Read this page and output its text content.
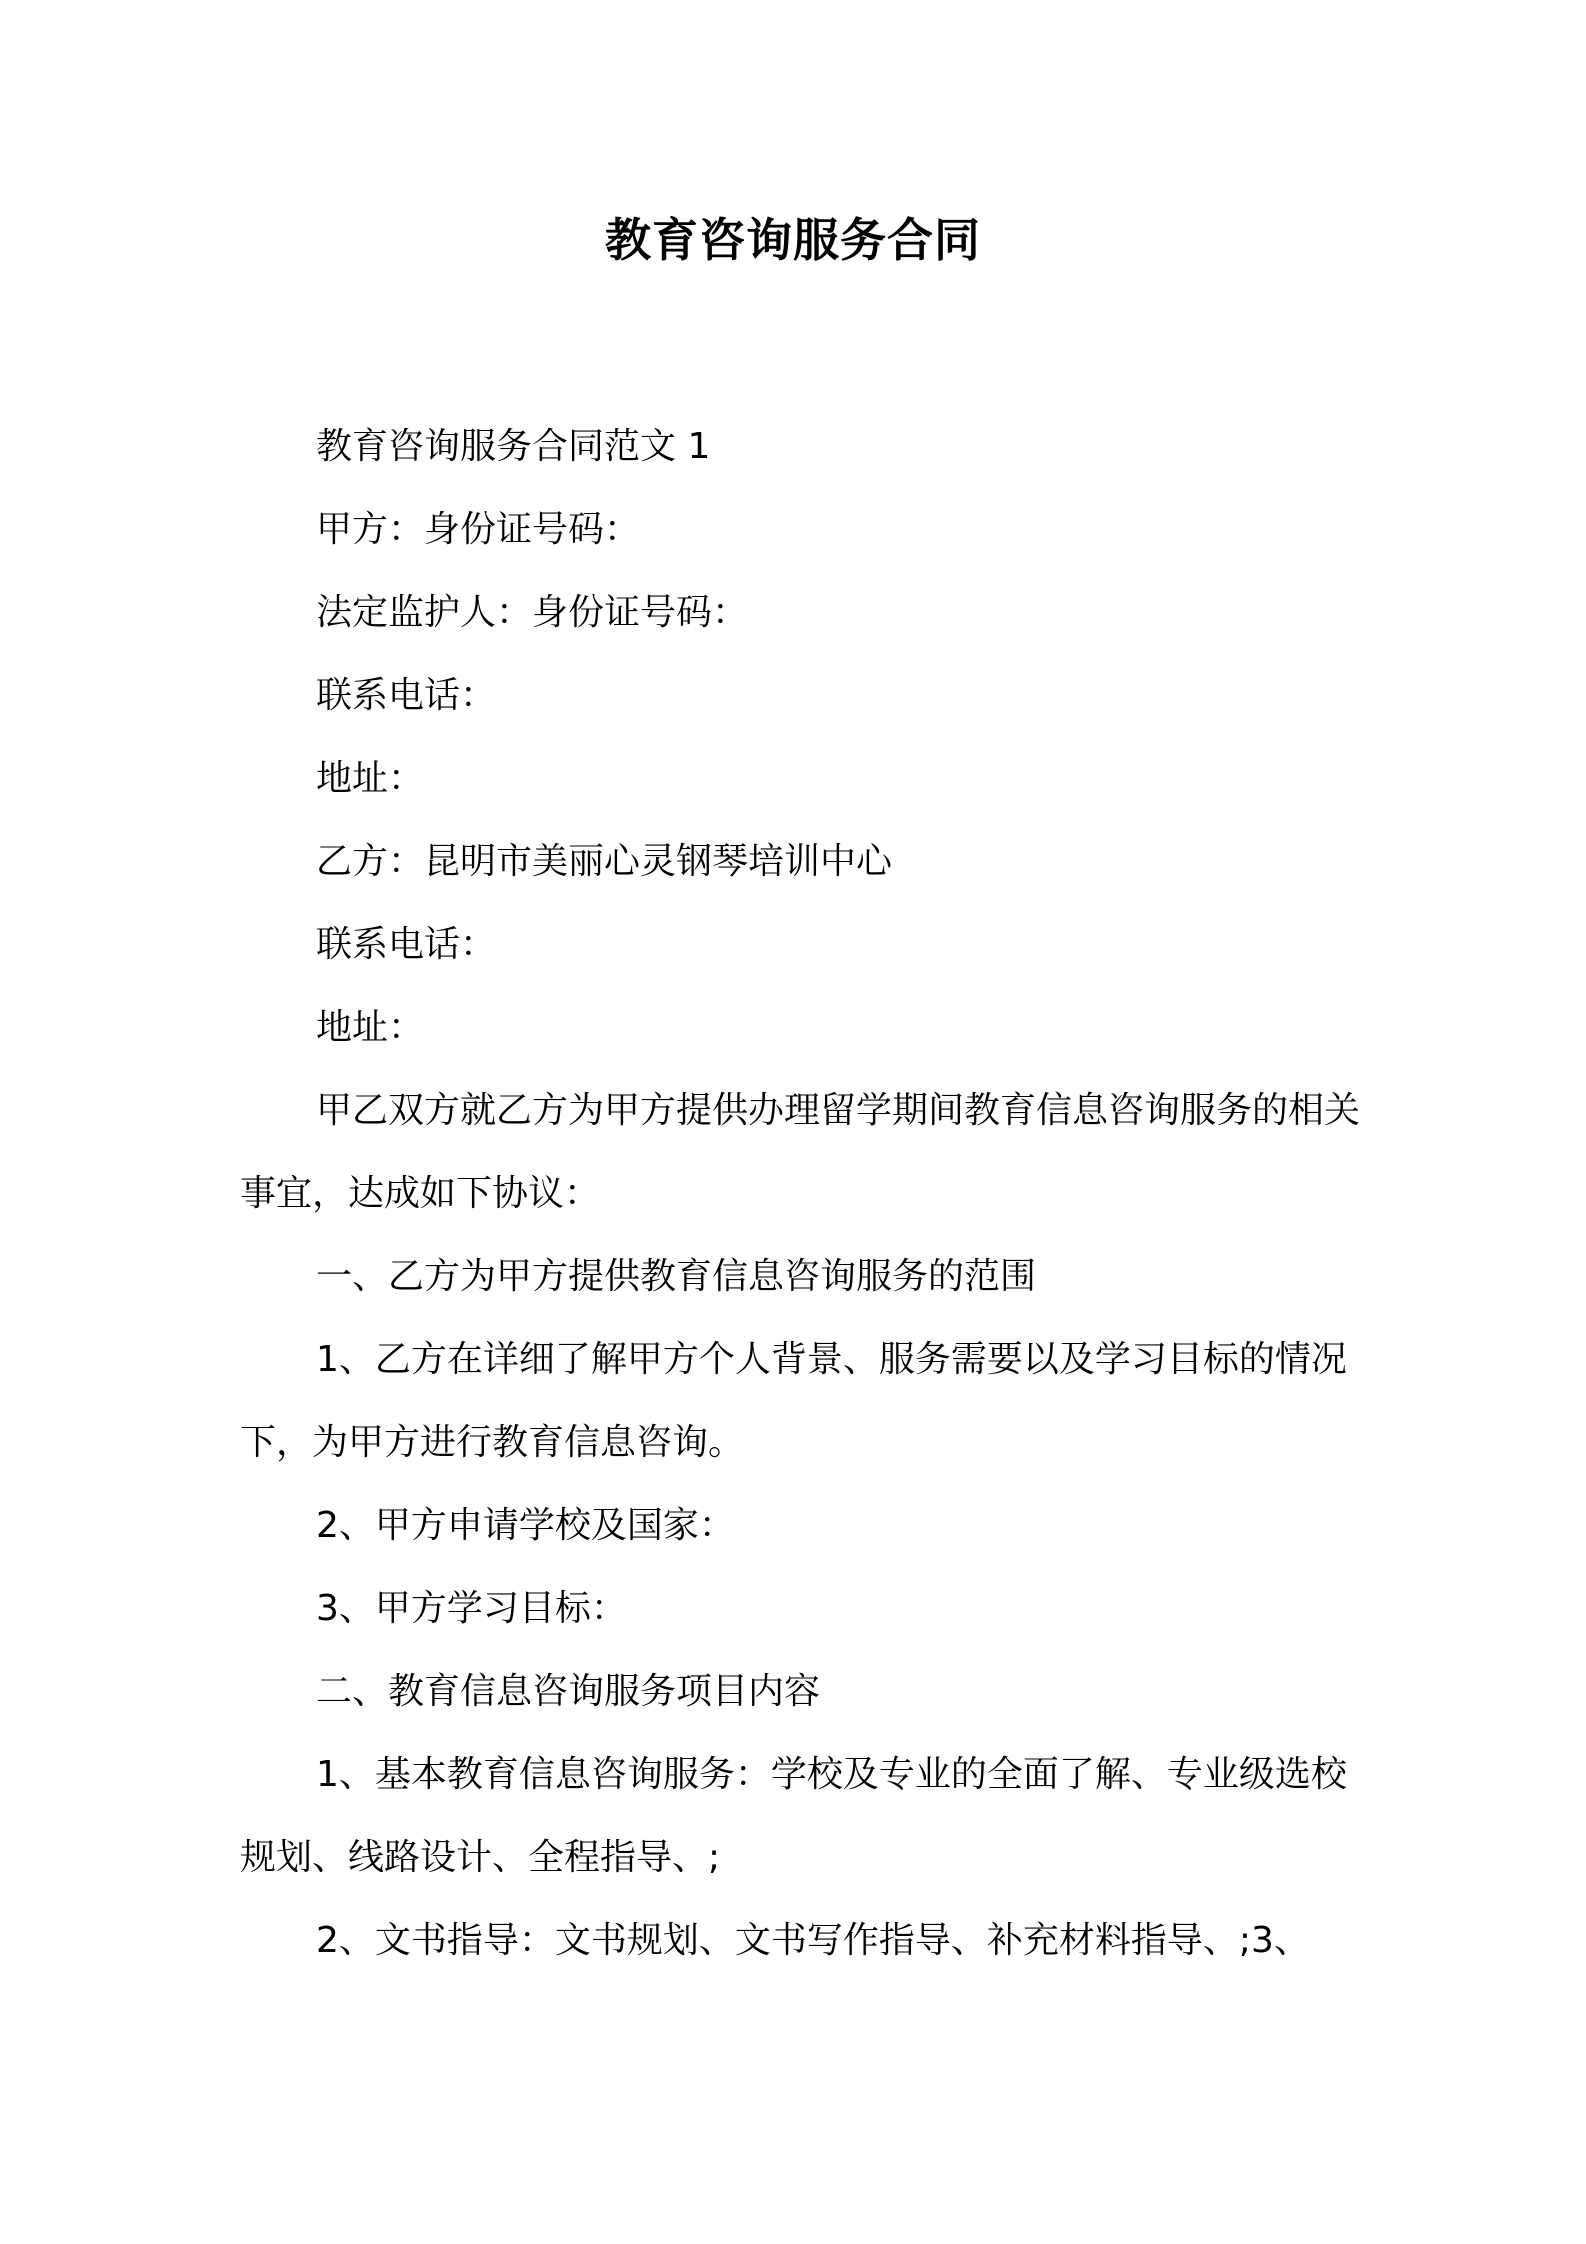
教育咨询服务合同

教育咨询服务合同范文 1

甲方：身份证号码：

法定监护人：身份证号码：

联系电话：

地址：

乙方：昆明市美丽心灵钢琴培训中心

联系电话：

地址：

甲乙双方就乙方为甲方提供办理留学期间教育信息咨询服务的相关事宜，达成如下协议：

一、乙方为甲方提供教育信息咨询服务的范围

1、乙方在详细了解甲方个人背景、服务需要以及学习目标的情况下，为甲方进行教育信息咨询。

2、甲方申请学校及国家：

3、甲方学习目标：

二、教育信息咨询服务项目内容

1、基本教育信息咨询服务：学校及专业的全面了解、专业级选校规划、线路设计、全程指导、;

2、文书指导：文书规划、文书写作指导、补充材料指导、;3、
